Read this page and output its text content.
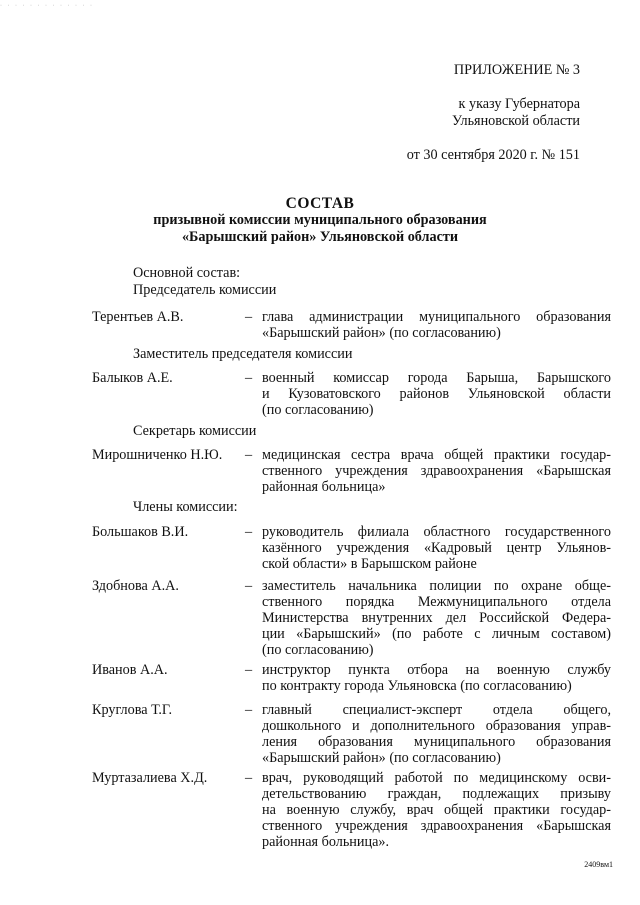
· · · · · · · · · · · · ·
ПРИЛОЖЕНИЕ № 3
к указу Губернатора
Ульяновской области
от 30 сентября 2020 г. № 151
СОСТАВ
призывной комиссии муниципального образования
«Барышский район» Ульяновской области
Основной состав:
Председатель комиссии
Терентьев А.В.	– глава администрации муниципального образования
«Барышский район» (по согласованию)
Заместитель председателя комиссии
Балыков А.Е.	– военный комиссар города Барыша, Барышского
и Кузоватовского районов Ульяновской области
(по согласованию)
Секретарь комиссии
Мирошниченко Н.Ю. – медицинская сестра врача общей практики государ-
ственного учреждения здравоохранения «Барышская
районная больница»
Члены комиссии:
Большаков В.И.	– руководитель филиала областного государственного
казённого учреждения «Кадровый центр Ульянов-
ской области» в Барышском районе
Здобнова А.А.	– заместитель начальника полиции по охране обще-
ственного порядка Межмуниципального отдела
Министерства внутренних дел Российской Федера-
ции «Барышский» (по работе с личным составом)
(по согласованию)
Иванов А.А.	– инструктор пункта отбора на военную службу
по контракту города Ульяновска (по согласованию)
Круглова Т.Г.	– главный специалист-эксперт отдела общего,
дошкольного и дополнительного образования управ-
ления образования муниципального образования
«Барышский район» (по согласованию)
Муртазалиева Х.Д.	– врач, руководящий работой по медицинскому осви-
детельствованию граждан, подлежащих призыву
на военную службу, врач общей практики государ-
ственного учреждения здравоохранения «Барышская
районная больница».
2409вм1
